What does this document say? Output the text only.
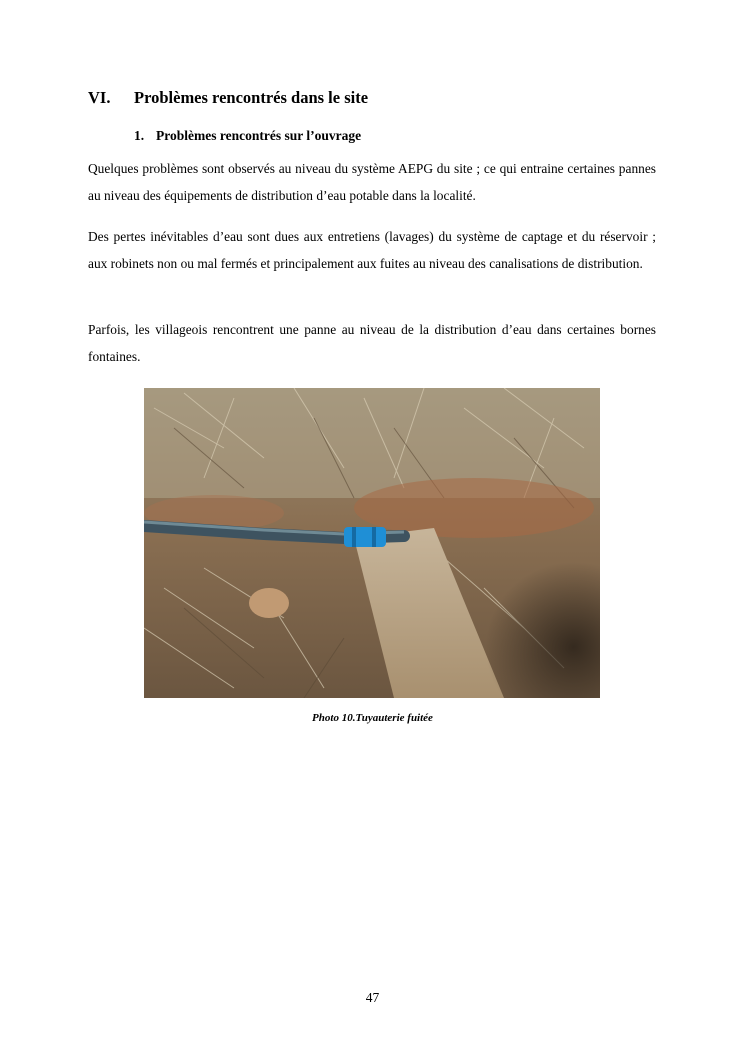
VI.	Problèmes rencontrés dans le site
1. Problèmes rencontrés sur l’ouvrage

Quelques problèmes sont observés au niveau du système AEPG du site ; ce qui entraine certaines pannes au niveau des équipements de distribution d’eau potable dans la localité.

Des pertes inévitables d’eau sont dues aux entretiens (lavages) du système de captage et du réservoir ; aux robinets non ou mal fermés et principalement aux fuites au niveau des canalisations de distribution.

Parfois, les villageois rencontrent une panne au niveau de la distribution d’eau dans certaines bornes fontaines.

Photo 10.Tuyauterie fuitée
47
